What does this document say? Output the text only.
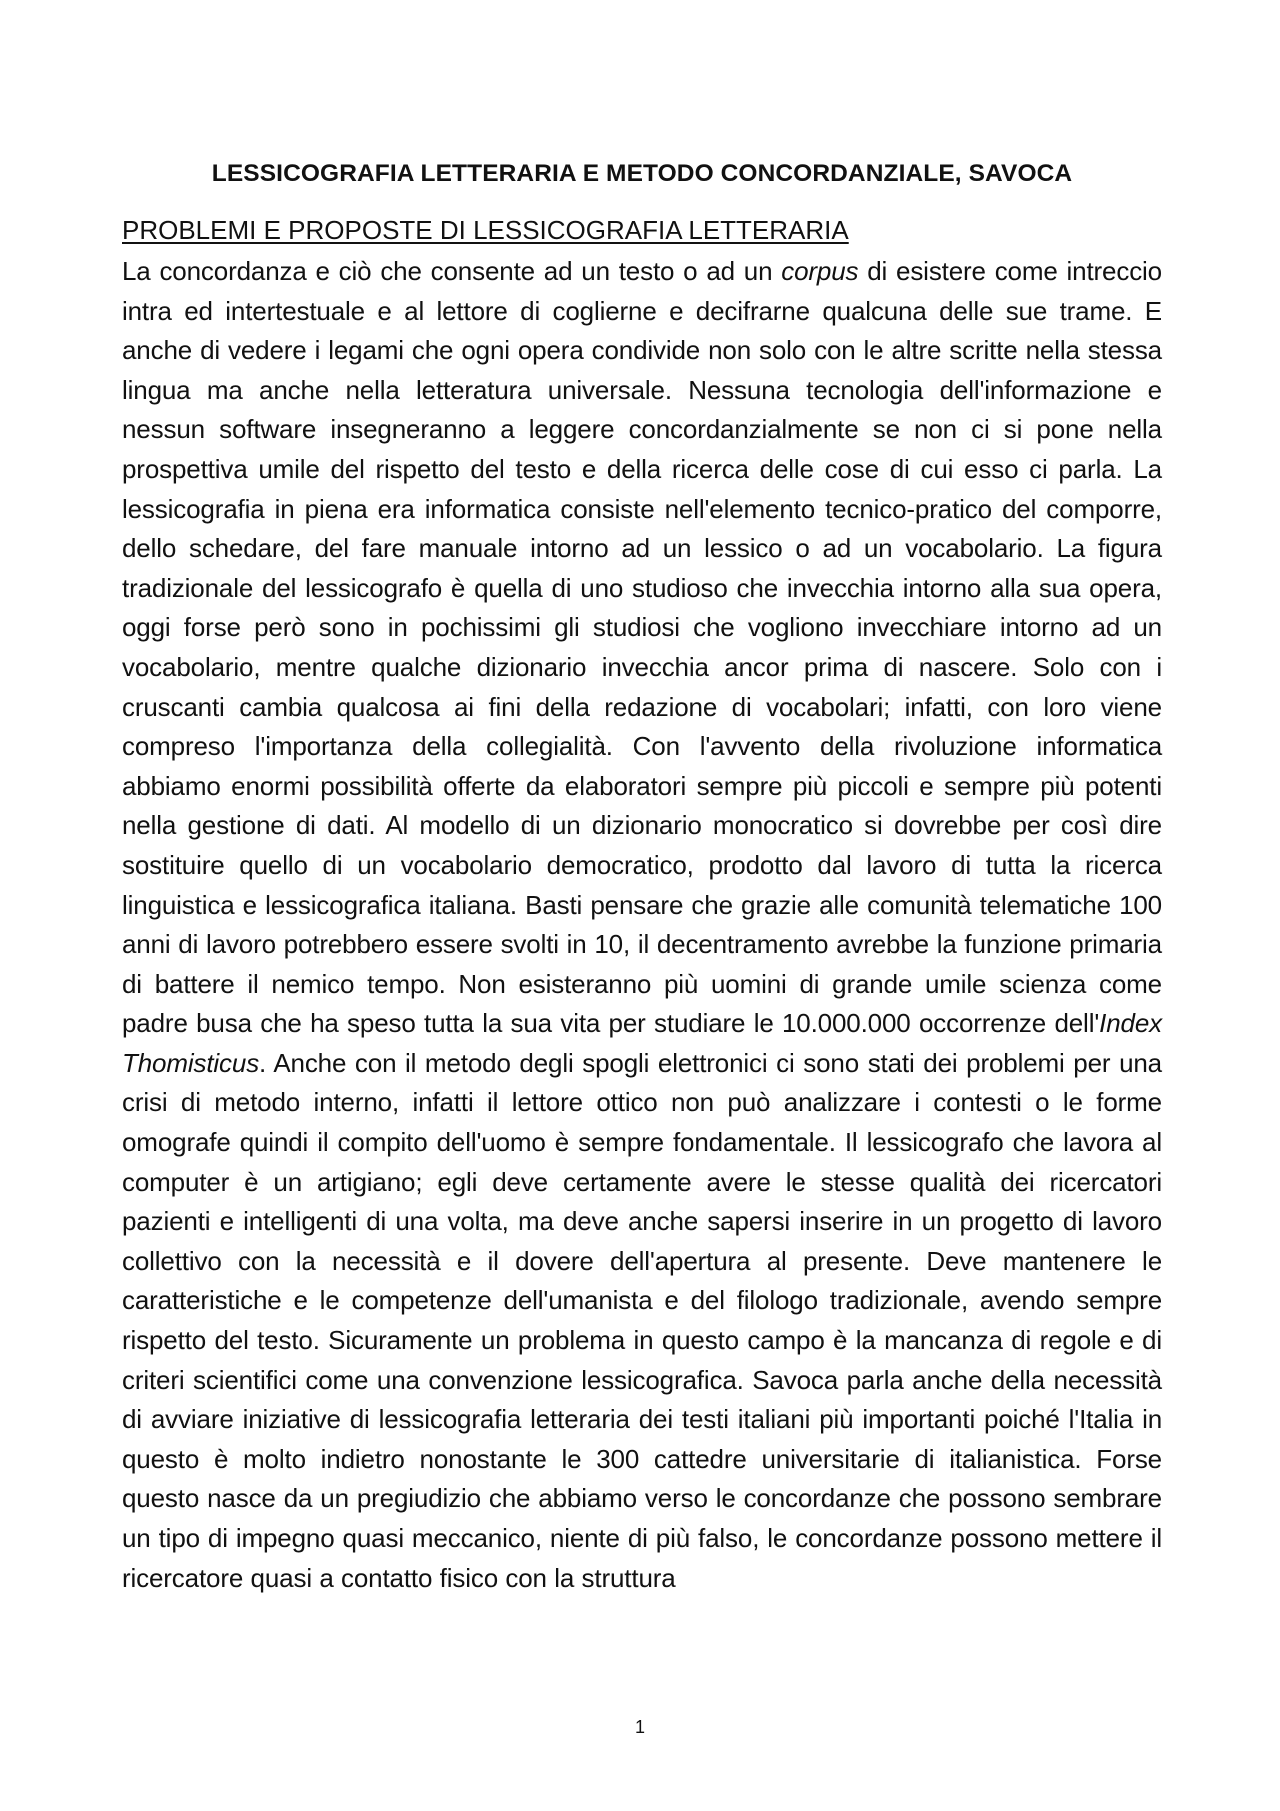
LESSICOGRAFIA LETTERARIA E METODO CONCORDANZIALE, SAVOCA
PROBLEMI E PROPOSTE DI LESSICOGRAFIA LETTERARIA

La concordanza e ciò che consente ad un testo o ad un corpus di esistere come intreccio intra ed intertestuale e al lettore di coglierne e decifrarne qualcuna delle sue trame. E anche di vedere i legami che ogni opera condivide non solo con le altre scritte nella stessa lingua ma anche nella letteratura universale. Nessuna tecnologia dell'informazione e nessun software insegneranno a leggere concordanzialmente se non ci si pone nella prospettiva umile del rispetto del testo e della ricerca delle cose di cui esso ci parla. La lessicografia in piena era informatica consiste nell'elemento tecnico-pratico del comporre, dello schedare, del fare manuale intorno ad un lessico o ad un vocabolario. La figura tradizionale del lessicografo è quella di uno studioso che invecchia intorno alla sua opera, oggi forse però sono in pochissimi gli studiosi che vogliono invecchiare intorno ad un vocabolario, mentre qualche dizionario invecchia ancor prima di nascere. Solo con i cruscanti cambia qualcosa ai fini della redazione di vocabolari; infatti, con loro viene compreso l'importanza della collegialità. Con l'avvento della rivoluzione informatica abbiamo enormi possibilità offerte da elaboratori sempre più piccoli e sempre più potenti nella gestione di dati. Al modello di un dizionario monocratico si dovrebbe per così dire sostituire quello di un vocabolario democratico, prodotto dal lavoro di tutta la ricerca linguistica e lessicografica italiana. Basti pensare che grazie alle comunità telematiche 100 anni di lavoro potrebbero essere svolti in 10, il decentramento avrebbe la funzione primaria di battere il nemico tempo. Non esisteranno più uomini di grande umile scienza come padre busa che ha speso tutta la sua vita per studiare le 10.000.000 occorrenze dell'Index Thomisticus. Anche con il metodo degli spogli elettronici ci sono stati dei problemi per una crisi di metodo interno, infatti il lettore ottico non può analizzare i contesti o le forme omografe quindi il compito dell'uomo è sempre fondamentale. Il lessicografo che lavora al computer è un artigiano; egli deve certamente avere le stesse qualità dei ricercatori pazienti e intelligenti di una volta, ma deve anche sapersi inserire in un progetto di lavoro collettivo con la necessità e il dovere dell'apertura al presente. Deve mantenere le caratteristiche e le competenze dell'umanista e del filologo tradizionale, avendo sempre rispetto del testo. Sicuramente un problema in questo campo è la mancanza di regole e di criteri scientifici come una convenzione lessicografica. Savoca parla anche della necessità di avviare iniziative di lessicografia letteraria dei testi italiani più importanti poiché l'Italia in questo è molto indietro nonostante le 300 cattedre universitarie di italianistica. Forse questo nasce da un pregiudizio che abbiamo verso le concordanze che possono sembrare un tipo di impegno quasi meccanico, niente di più falso, le concordanze possono mettere il ricercatore quasi a contatto fisico con la struttura

1
